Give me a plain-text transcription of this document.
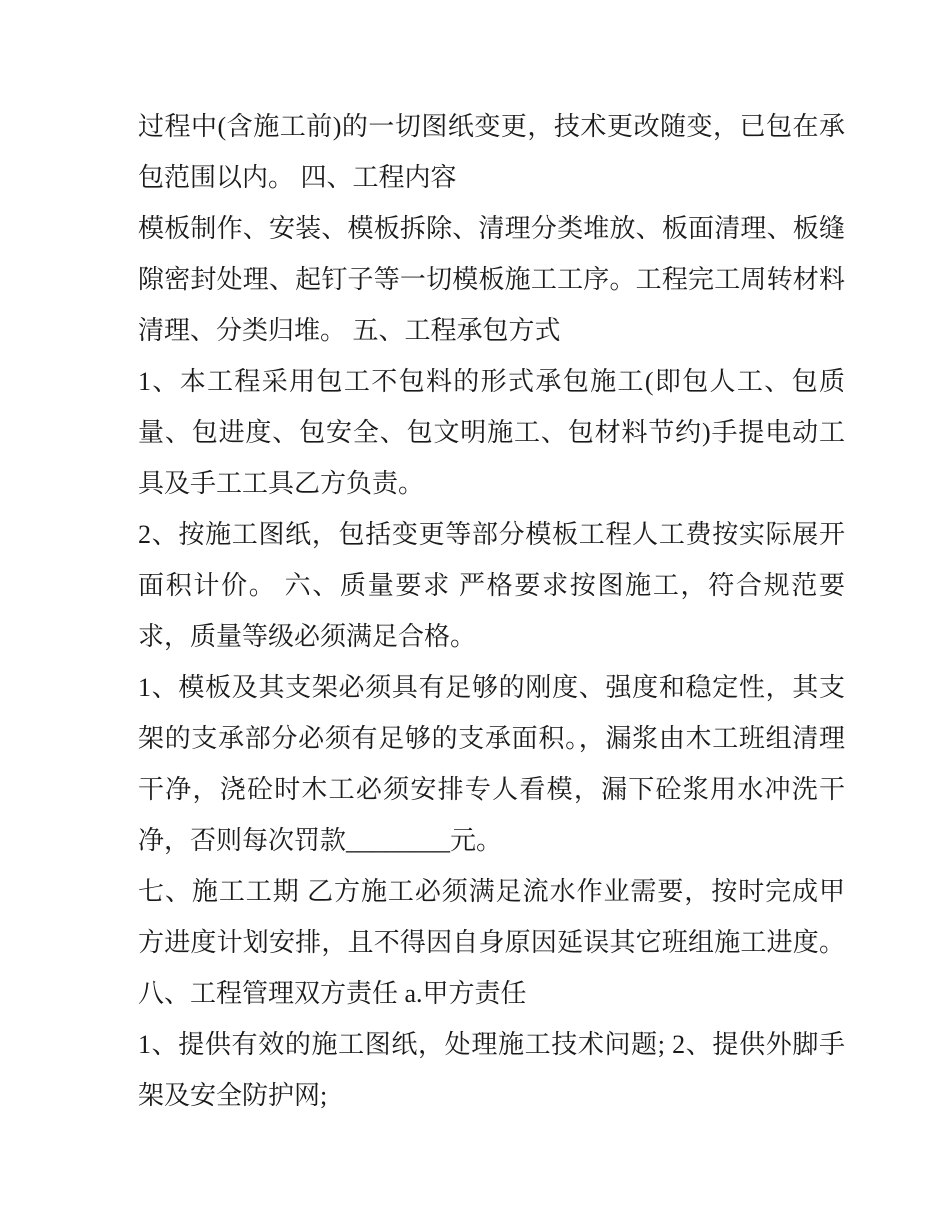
过程中(含施工前)的一切图纸变更，技术更改随变，已包在承
包范围以内。 四、工程内容
模板制作、安装、模板拆除、清理分类堆放、板面清理、板缝
隙密封处理、起钉子等一切模板施工工序。工程完工周转材料
清理、分类归堆。 五、工程承包方式
1、本工程采用包工不包料的形式承包施工(即包人工、包质
量、包进度、包安全、包文明施工、包材料节约)手提电动工
具及手工工具乙方负责。
2、按施工图纸，包括变更等部分模板工程人工费按实际展开
面积计价。 六、质量要求 严格要求按图施工，符合规范要
求，质量等级必须满足合格。
1、模板及其支架必须具有足够的刚度、强度和稳定性，其支
架的支承部分必须有足够的支承面积。，漏浆由木工班组清理
干净，浇砼时木工必须安排专人看模，漏下砼浆用水冲洗干
净，否则每次罚款________元。
七、施工工期 乙方施工必须满足流水作业需要，按时完成甲
方进度计划安排，且不得因自身原因延误其它班组施工进度。
八、工程管理双方责任 a.甲方责任
1、提供有效的施工图纸，处理施工技术问题; 2、提供外脚手
架及安全防护网;
